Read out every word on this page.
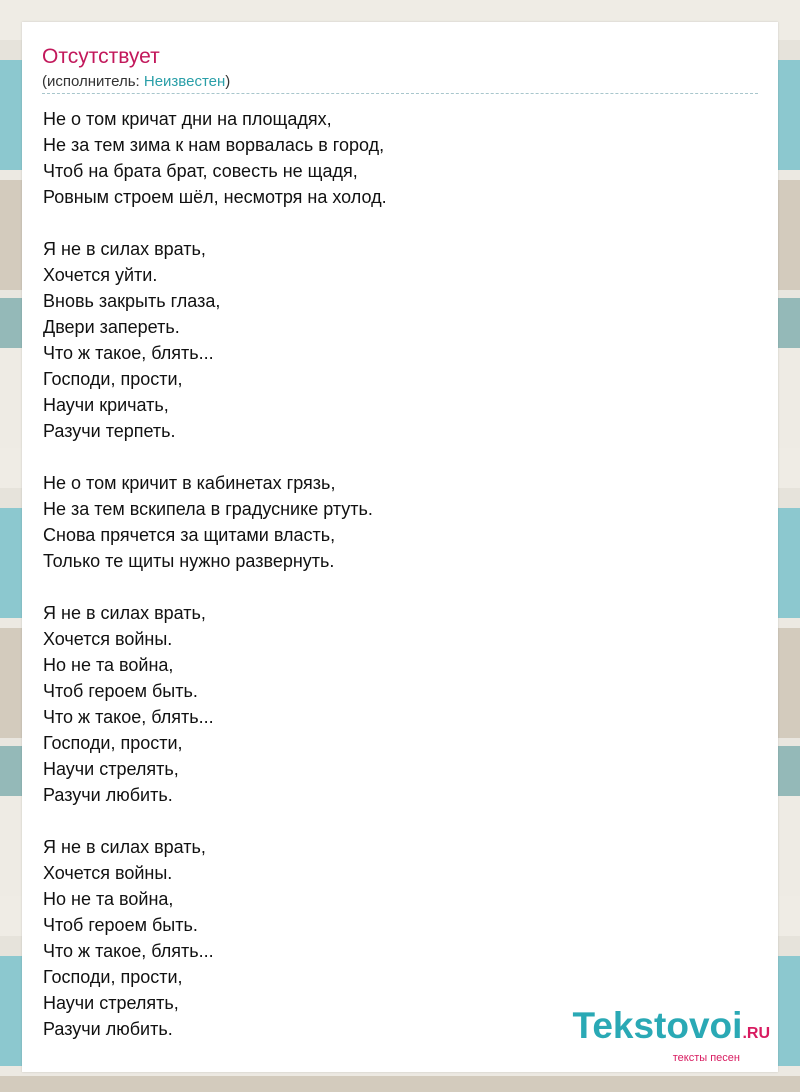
Отсутствует
(исполнитель: Неизвестен)
Не о том кричат дни на площадях,
Не за тем зима к нам ворвалась в город,
Чтоб на брата брат, совесть не щадя,
Ровным строем шёл, несмотря на холод.
Я не в силах врать,
Хочется уйти.
Вновь закрыть глаза,
Двери запереть.
Что ж такое, блять...
Господи, прости,
Научи кричать,
Разучи терпеть.
Не о том кричит в кабинетах грязь,
Не за тем вскипела в градуснике ртуть.
Снова прячется за щитами власть,
Только те щиты нужно развернуть.
Я не в силах врать,
Хочется войны.
Но не та война,
Чтоб героем быть.
Что ж такое, блять...
Господи, прости,
Научи стрелять,
Разучи любить.
Я не в силах врать,
Хочется войны.
Но не та война,
Чтоб героем быть.
Что ж такое, блять...
Господи, прости,
Научи стрелять,
Разучи любить.	Tekstovoi.RU
тексты песен
